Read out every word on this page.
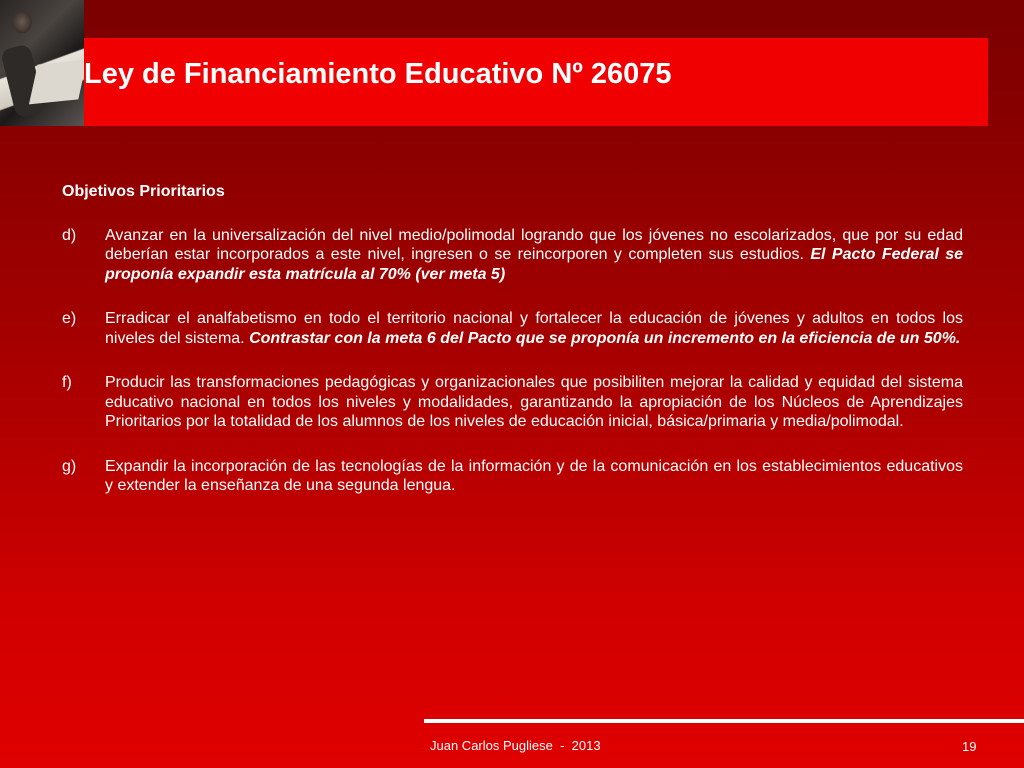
Ley de Financiamiento Educativo Nº 26075
Objetivos Prioritarios
d)	Avanzar en la universalización del nivel medio/polimodal logrando que los jóvenes no escolarizados, que por su edad deberían estar incorporados a este nivel, ingresen o se reincorporen y completen sus estudios. El Pacto Federal se proponía expandir esta matrícula al 70% (ver meta 5)
e)	Erradicar el analfabetismo en todo el territorio nacional y fortalecer la educación de jóvenes y adultos en todos los niveles del sistema. Contrastar con la meta 6 del Pacto que se proponía un incremento en la eficiencia de un 50%.
f)	Producir las transformaciones pedagógicas y organizacionales que posibiliten mejorar la calidad y equidad del sistema educativo nacional en todos los niveles y modalidades, garantizando la apropiación de los Núcleos de Aprendizajes Prioritarios por la totalidad de los alumnos de los niveles de educación inicial, básica/primaria y media/polimodal.
g)	Expandir la incorporación de las tecnologías de la información y de la comunicación en los establecimientos educativos y extender la enseñanza de una segunda lengua.
Juan Carlos Pugliese  -  2013	19
